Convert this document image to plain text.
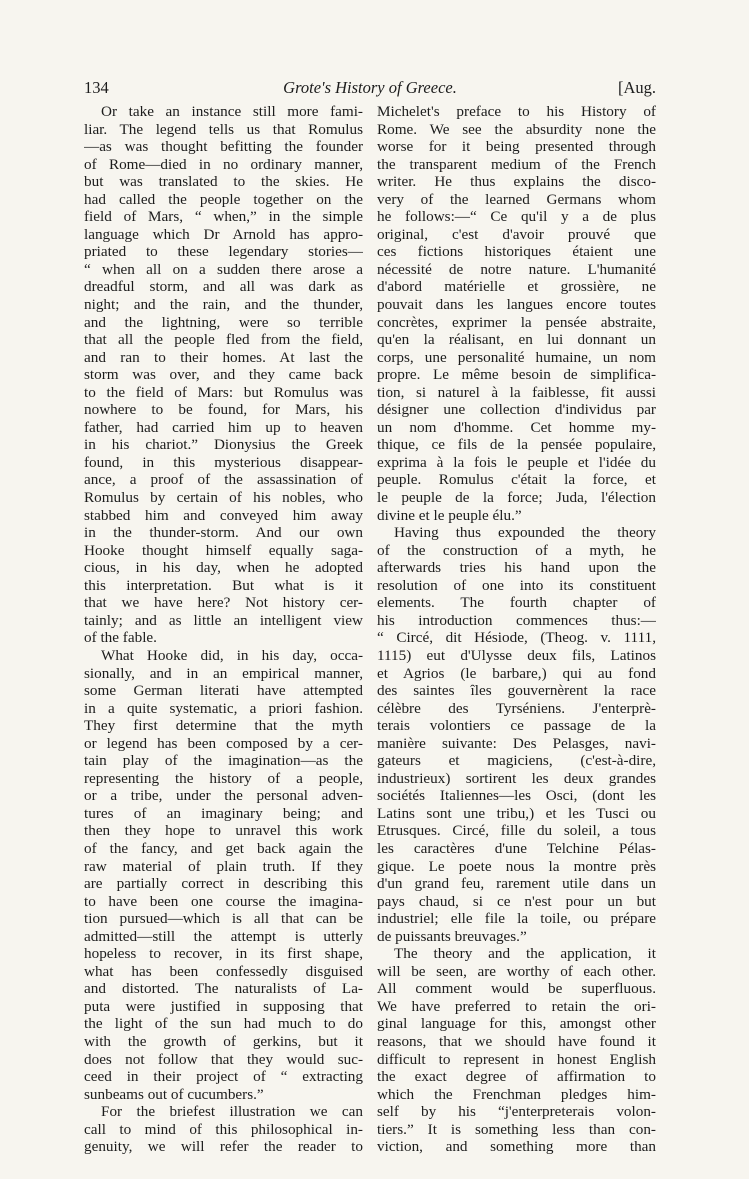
134	Grote's History of Greece.	[Aug.
Or take an instance still more fami-
liar. The legend tells us that Romulus
—as was thought befitting the founder
of Rome—died in no ordinary manner,
but was translated to the skies. He
had called the people together on the
field of Mars, “ when,” in the simple
language which Dr Arnold has appro-
priated to these legendary stories—
“ when all on a sudden there arose a
dreadful storm, and all was dark as
night; and the rain, and the thunder,
and the lightning, were so terrible
that all the people fled from the field,
and ran to their homes. At last the
storm was over, and they came back
to the field of Mars: but Romulus was
nowhere to be found, for Mars, his
father, had carried him up to heaven
in his chariot.” Dionysius the Greek
found, in this mysterious disappear-
ance, a proof of the assassination of
Romulus by certain of his nobles, who
stabbed him and conveyed him away
in the thunder-storm. And our own
Hooke thought himself equally saga-
cious, in his day, when he adopted
this interpretation. But what is it
that we have here? Not history cer-
tainly; and as little an intelligent view
of the fable.
What Hooke did, in his day, occa-
sionally, and in an empirical manner,
some German literati have attempted
in a quite systematic, a priori fashion.
They first determine that the myth
or legend has been composed by a cer-
tain play of the imagination—as the
representing the history of a people,
or a tribe, under the personal adven-
tures of an imaginary being; and
then they hope to unravel this work
of the fancy, and get back again the
raw material of plain truth. If they
are partially correct in describing this
to have been one course the imagina-
tion pursued—which is all that can be
admitted—still the attempt is utterly
hopeless to recover, in its first shape,
what has been confessedly disguised
and distorted. The naturalists of La-
puta were justified in supposing that
the light of the sun had much to do
with the growth of gerkins, but it
does not follow that they would suc-
ceed in their project of “ extracting
sunbeams out of cucumbers.”
For the briefest illustration we can
call to mind of this philosophical in-
genuity, we will refer the reader to
Michelet's preface to his History of
Rome. We see the absurdity none the
worse for it being presented through
the transparent medium of the French
writer. He thus explains the disco-
very of the learned Germans whom
he follows:—“ Ce qu'il y a de plus
original, c'est d'avoir prouvé que
ces fictions historiques étaient une
nécessité de notre nature. L'humanité
d'abord matérielle et grossière, ne
pouvait dans les langues encore toutes
concrètes, exprimer la pensée abstraite,
qu'en la réalisant, en lui donnant un
corps, une personalité humaine, un nom
propre. Le même besoin de simplifica-
tion, si naturel à la faiblesse, fit aussi
désigner une collection d'individus par
un nom d'homme. Cet homme my-
thique, ce fils de la pensée populaire,
exprima à la fois le peuple et l'idée du
peuple. Romulus c'était la force, et
le peuple de la force; Juda, l'élection
divine et le peuple élu.”
Having thus expounded the theory
of the construction of a myth, he
afterwards tries his hand upon the
resolution of one into its constituent
elements. The fourth chapter of
his introduction commences thus:—
“ Circé, dit Hésiode, (Theog. v. 1111,
1115) eut d'Ulysse deux fils, Latinos
et Agrios (le barbare,) qui au fond
des saintes îles gouvernèrent la race
célèbre des Tyrséniens. J'enterprè-
terais volontiers ce passage de la
manière suivante: Des Pelasges, navi-
gateurs et magiciens, (c'est-à-dire,
industrieux) sortirent les deux grandes
sociétés Italiennes—les Osci, (dont les
Latins sont une tribu,) et les Tusci ou
Etrusques. Circé, fille du soleil, a tous
les caractères d'une Telchine Pélas-
gique. Le poete nous la montre près
d'un grand feu, rarement utile dans un
pays chaud, si ce n'est pour un but
industriel; elle file la toile, ou prépare
de puissants breuvages.”
The theory and the application, it
will be seen, are worthy of each other.
All comment would be superfluous.
We have preferred to retain the ori-
ginal language for this, amongst other
reasons, that we should have found it
difficult to represent in honest English
the exact degree of affirmation to
which the Frenchman pledges him-
self by his “j'enterpreterais volon-
tiers.” It is something less than con-
viction, and something more than
